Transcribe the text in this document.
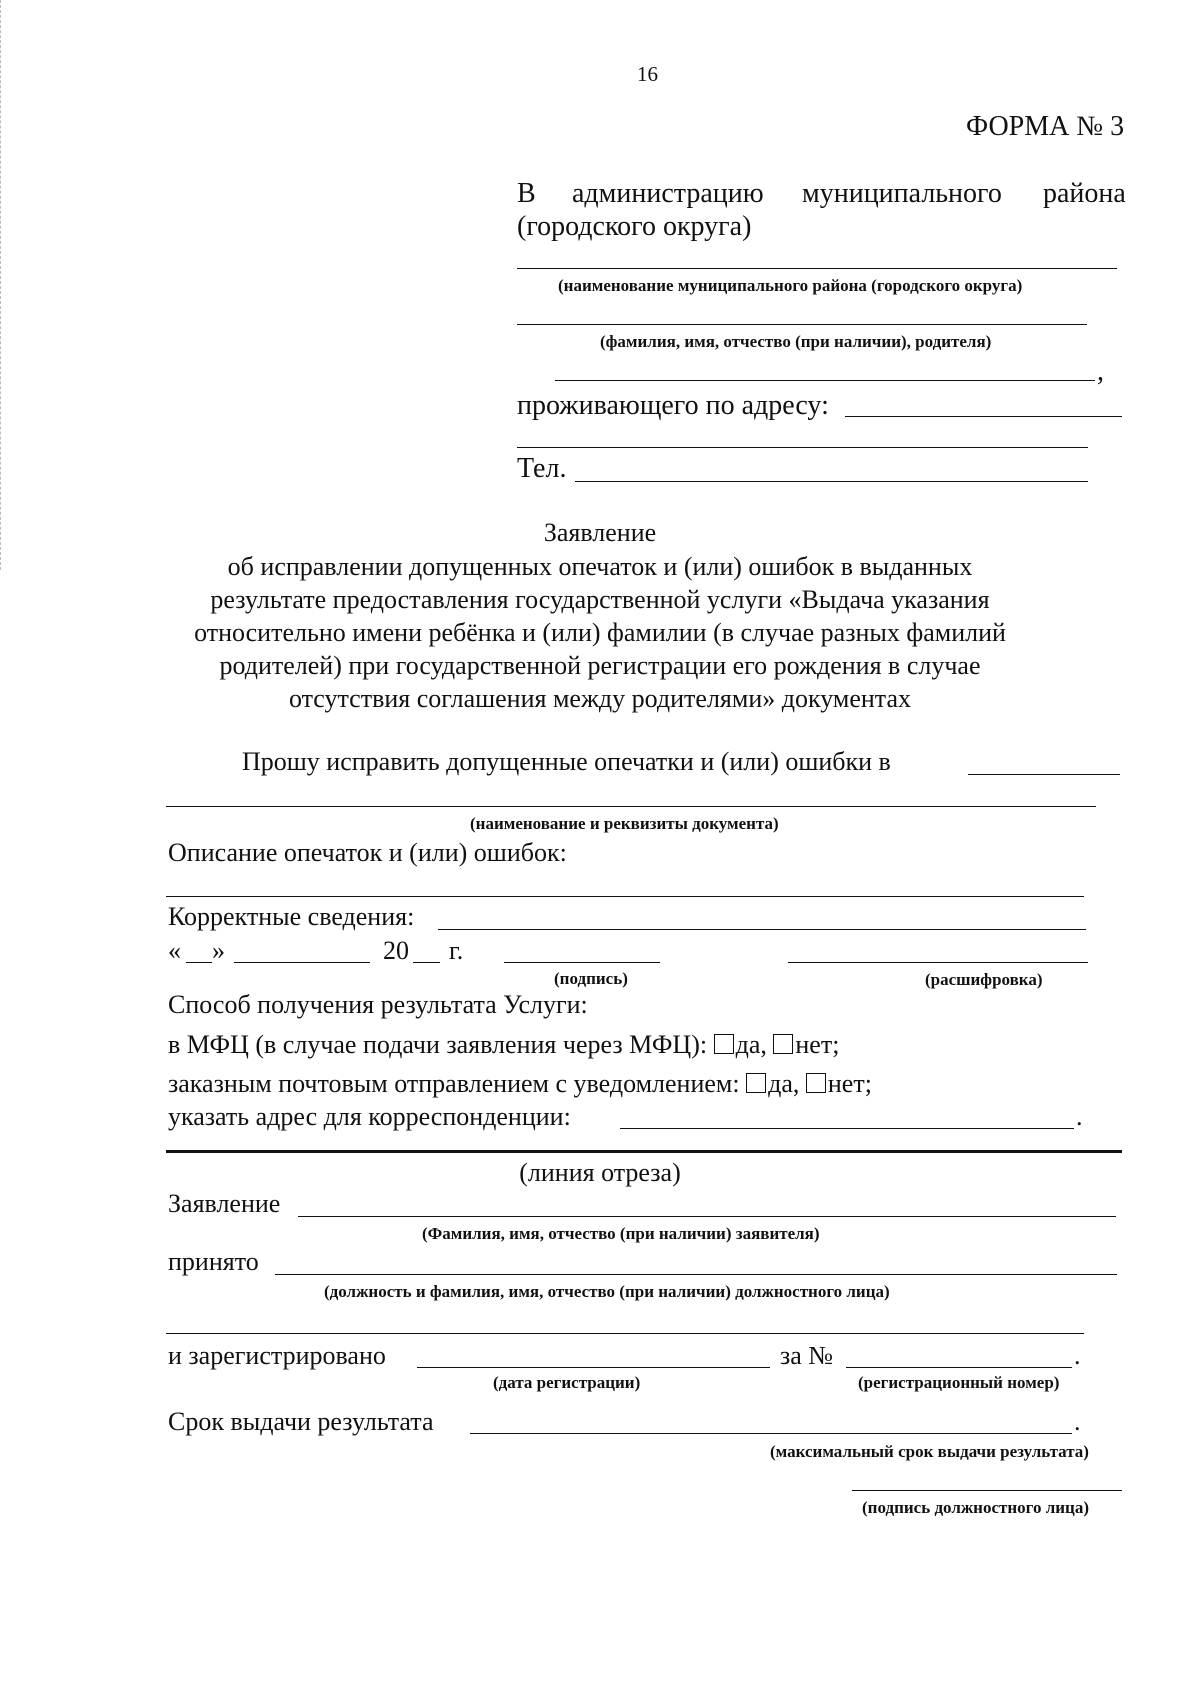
16
ФОРМА № 3
В администрацию муниципального района
(городского округа)
(наименование муниципального района (городского округа)
(фамилия, имя, отчество (при наличии), родителя)
,
проживающего по адресу:
Тел.
Заявление
об исправлении допущенных опечаток и (или) ошибок в выданных
результате предоставления государственной услуги «Выдача указания
относительно имени ребёнка и (или) фамилии (в случае разных фамилий
родителей) при государственной регистрации его рождения в случае
отсутствия соглашения между родителями» документах
Прошу исправить допущенные опечатки и (или) ошибки в
(наименование и реквизиты документа)
Описание опечаток и (или) ошибок:
Корректные сведения:
« »	20 г.
(подпись)	(расшифровка)
Способ получения результата Услуги:
в МФЦ (в случае подачи заявления через МФЦ): да, нет;
заказным почтовым отправлением с уведомлением: да, нет;
указать адрес для корреспонденции:	.
(линия отреза)
Заявление
(Фамилия, имя, отчество (при наличии) заявителя)
принято
(должность и фамилия, имя, отчество (при наличии) должностного лица)
и зарегистрировано	за №	.
(дата регистрации)	(регистрационный номер)
Срок выдачи результата	.
(максимальный срок выдачи результата)
(подпись должностного лица)
